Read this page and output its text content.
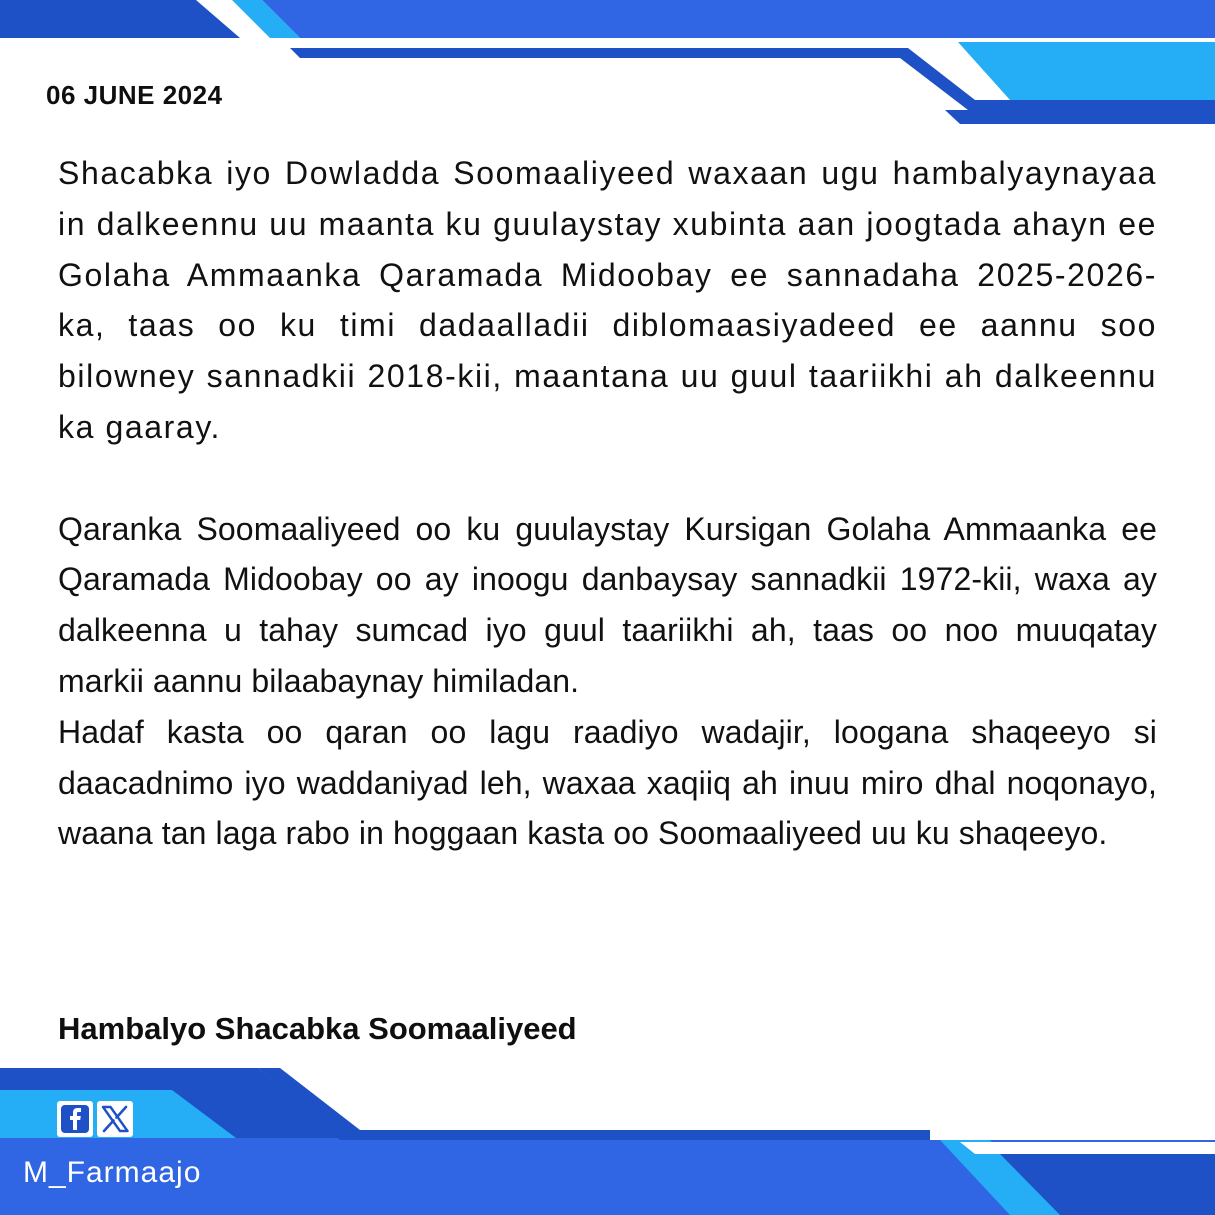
06 JUNE 2024

Shacabka iyo Dowladda Soomaaliyeed waxaan ugu hambalyaynayaa in dalkeennu uu maanta ku guulaystay xubinta aan joogtada ahayn ee Golaha Ammaanka Qaramada Midoobay ee sannadaha 2025-2026-ka, taas oo ku timi dadaalladii diblomaasiyadeed ee aannu soo bilowney sannadkii 2018-kii, maantana uu guul taariikhi ah dalkeennu ka gaaray.

Qaranka Soomaaliyeed oo ku guulaystay Kursigan Golaha Ammaanka ee Qaramada Midoobay oo ay inoogu danbaysay sannadkii 1972-kii, waxa ay dalkeenna u tahay sumcad iyo guul taariikhi ah, taas oo noo muuqatay markii aannu bilaabaynay himiladan.

Hadaf kasta oo qaran oo lagu raadiyo wadajir, loogana shaqeeyo si daacadnimo iyo waddaniyad leh, waxaa xaqiiq ah inuu miro dhal noqonayo, waana tan laga rabo in hoggaan kasta oo Soomaaliyeed uu ku shaqeeyo.

Hambalyo Shacabka Soomaaliyeed

M_Farmaajo
